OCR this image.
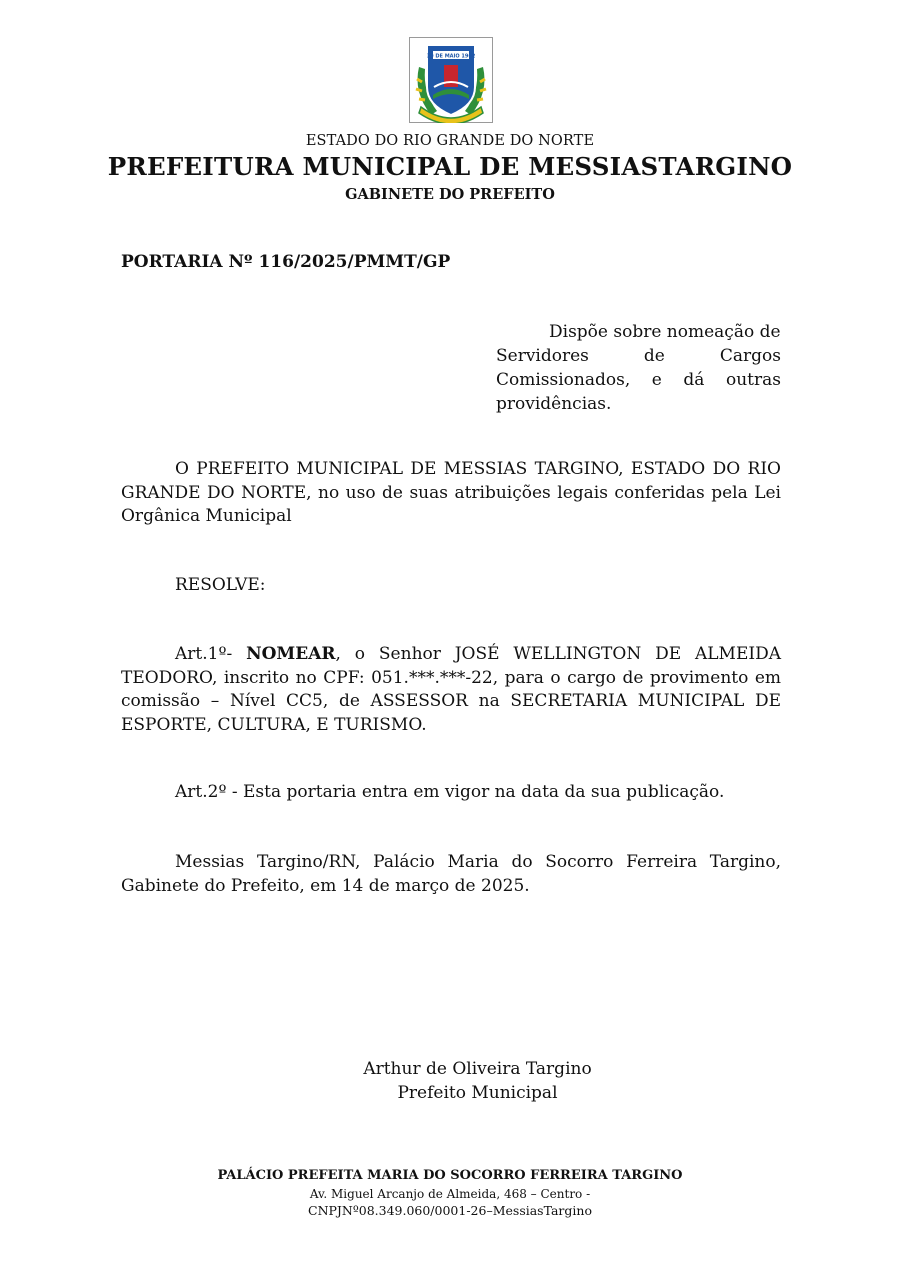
30 DE MAIO 1962
ESTADO DO RIO GRANDE DO NORTE
PREFEITURA MUNICIPAL DE MESSIASTARGINO
GABINETE DO PREFEITO
PORTARIA Nº 116/2025/PMMT/GP
Dispõe sobre nomeação de
Servidores de Cargos Comissionados, e dá outras providências.
O PREFEITO MUNICIPAL DE MESSIAS TARGINO, ESTADO DO RIO GRANDE DO NORTE, no uso de suas atribuições legais conferidas pela Lei Orgânica Municipal
RESOLVE:
Art.1º- NOMEAR, o Senhor JOSÉ WELLINGTON DE ALMEIDA TEODORO, inscrito no CPF: 051.***.***-22, para o cargo de provimento em comissão – Nível CC5, de ASSESSOR na SECRETARIA MUNICIPAL DE ESPORTE, CULTURA, E TURISMO.
Art.2º - Esta portaria entra em vigor na data da sua publicação.
Messias Targino/RN, Palácio Maria do Socorro Ferreira Targino, Gabinete do Prefeito, em 14 de março de 2025.
Arthur de Oliveira Targino
Prefeito Municipal
PALÁCIO PREFEITA MARIA DO SOCORRO FERREIRA TARGINO
Av. Miguel Arcanjo de Almeida, 468 – Centro -
CNPJNº08.349.060/0001-26–MessiasTargino
